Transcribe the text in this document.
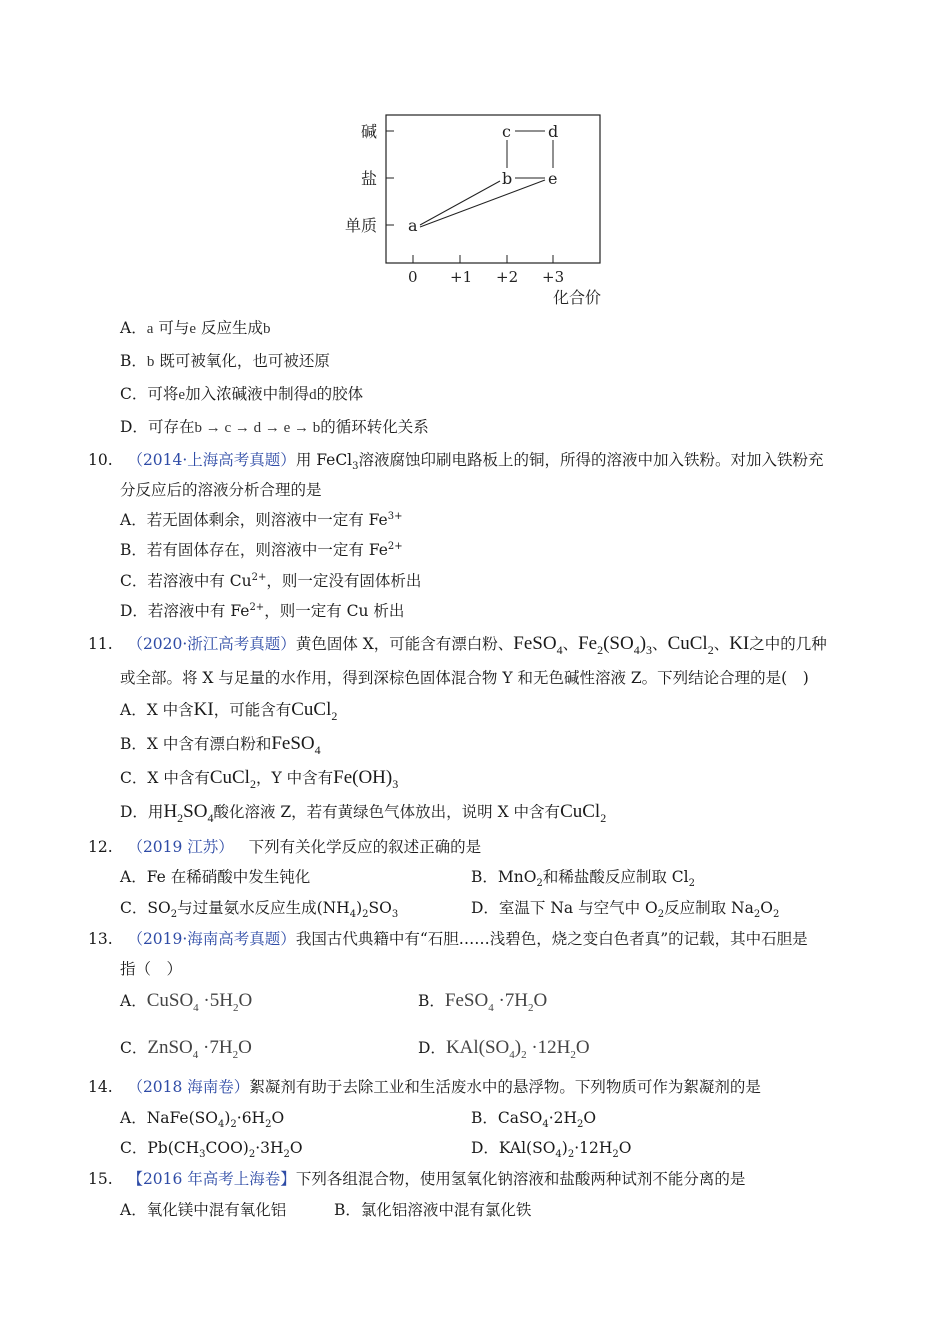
碱
盐
单质
0 +1 +2 +3
化合价
a
b
c d
e
A．a 可与e 反应生成b
B．b 既可被氧化，也可被还原
C．可将e加入浓碱液中制得d的胶体
D．可存在b → c → d → e → b的循环转化关系
10. （2014·上海高考真题）用 FeCl$_3$溶液腐蚀印刷电路板上的铜，所得的溶液中加入铁粉。对加入铁粉充
分反应后的溶液分析合理的是
A．若无固体剩余，则溶液中一定有 $Fe^{3+}$
B．若有固体存在，则溶液中一定有 $Fe^{2+}$
C．若溶液中有 $Cu^{2+}$，则一定没有固体析出
D．若溶液中有 $Fe^{2+}$，则一定有 Cu 析出
11. （2020·浙江高考真题）黄色固体 X，可能含有漂白粉、FeSO$_4$、$Fe_2(SO_4)_3$、CuCl$_2$、KI之中的几种
或全部。将 X 与足量的水作用，得到深棕色固体混合物 Y 和无色碱性溶液 Z。下列结论合理的是(　)
A．X 中含KI，可能含有CuCl$_2$
B．X 中含有漂白粉和FeSO$_4$
C．X 中含有CuCl$_2$，Y 中含有$Fe(OH)_3$
D．用$H_2SO_4$酸化溶液 Z，若有黄绿色气体放出，说明 X 中含有CuCl$_2$
12. （2019 江苏） 下列有关化学反应的叙述正确的是
A．Fe 在稀硝酸中发生钝化	B．MnO$_2$和稀盐酸反应制取 $Cl_2$
C．$SO_2$与过量氨水反应生成$(NH_4)_2SO_3$	D．室温下 Na 与空气中 $O_2$反应制取 $Na_2O_2$
13. （2019·海南高考真题）我国古代典籍中有“石胆……浅碧色，烧之变白色者真”的记载，其中石胆是
指（　）
A．CuSO$_4$ $\cdot 5H_2O$	B．FeSO$_4$ $\cdot 7H_2O$
C．ZnSO$_4$ $\cdot 7H_2O$	D．$KAl(SO_4)_2 \cdot 12H_2O$
14. （2018 海南卷）絮凝剂有助于去除工业和生活废水中的悬浮物。下列物质可作为絮凝剂的是
A．$NaFe(SO_4)_2\cdot 6H_2O$	B．$CaSO_4\cdot 2H_2O$
C．$Pb(CH_3COO)_2\cdot 3H_2O$	D．$KAl(SO_4)_2\cdot 12H_2O$
15. 【2016 年高考上海卷】下列各组混合物，使用氢氧化钠溶液和盐酸两种试剂不能分离的是
A．氧化镁中混有氧化铝	B．氯化铝溶液中混有氯化铁
